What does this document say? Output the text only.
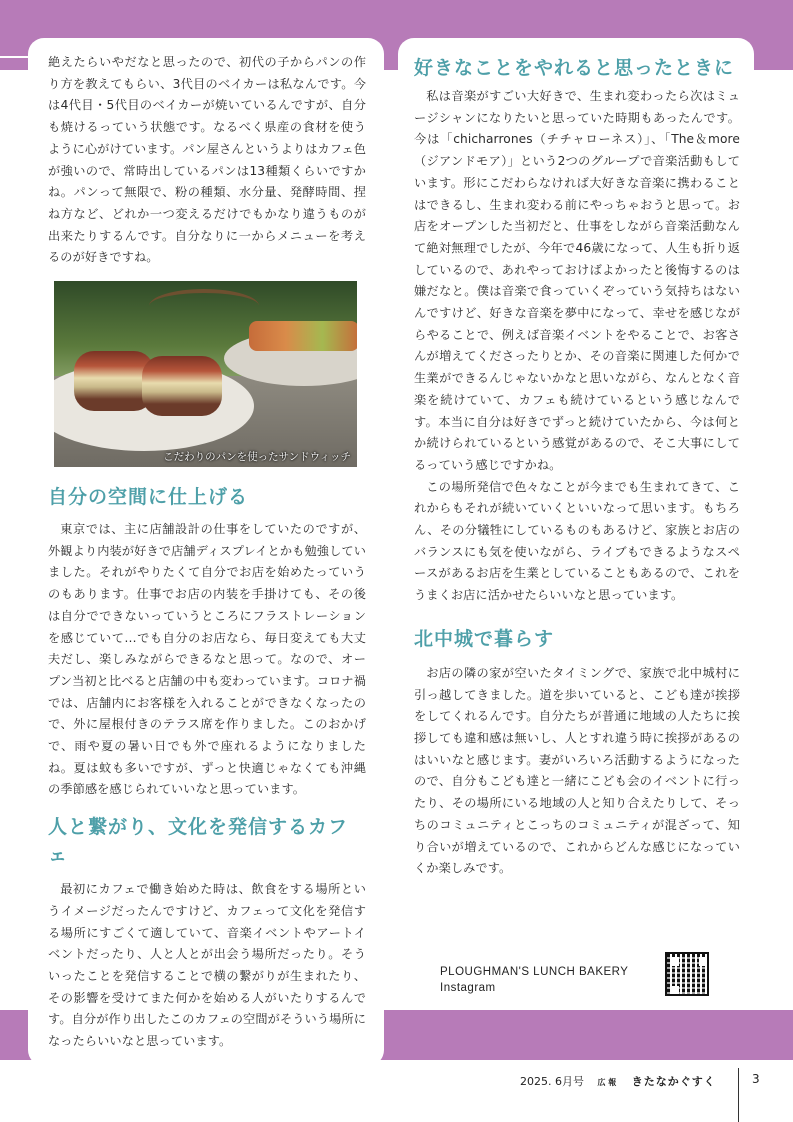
絶えたらいやだなと思ったので、初代の子からパンの作り方を教えてもらい、3代目のベイカーは私なんです。今は4代目・5代目のベイカーが焼いているんですが、自分も焼けるっていう状態です。なるべく県産の食材を使うように心がけています。パン屋さんというよりはカフェ色が強いので、常時出しているパンは13種類くらいですかね。パンって無限で、粉の種類、水分量、発酵時間、捏ね方など、どれか一つ変えるだけでもかなり違うものが出来たりするんです。自分なりに一からメニューを考えるのが好きですね。

こだわりのパンを使ったサンドウィッチ
自分の空間に仕上げる

東京では、主に店舗設計の仕事をしていたのですが、外観より内装が好きで店舗ディスプレイとかも勉強していました。それがやりたくて自分でお店を始めたっていうのもあります。仕事でお店の内装を手掛けても、その後は自分でできないっていうところにフラストレーションを感じていて…でも自分のお店なら、毎日変えても大丈夫だし、楽しみながらできるなと思って。なので、オープン当初と比べると店舗の中も変わっています。コロナ禍では、店舗内にお客様を入れることができなくなったので、外に屋根付きのテラス席を作りました。このおかげで、雨や夏の暑い日でも外で座れるようになりましたね。夏は蚊も多いですが、ずっと快適じゃなくても沖縄の季節感を感じられていいなと思っています。

人と繋がり、文化を発信するカフェ

最初にカフェで働き始めた時は、飲食をする場所というイメージだったんですけど、カフェって文化を発信する場所にすごくて適していて、音楽イベントやアートイベントだったり、人と人とが出会う場所だったり。そういったことを発信することで横の繋がりが生まれたり、その影響を受けてまた何かを始める人がいたりするんです。自分が作り出したこのカフェの空間がそういう場所になったらいいなと思っています。

好きなことをやれると思ったときに

私は音楽がすごい大好きで、生まれ変わったら次はミュージシャンになりたいと思っていた時期もあったんです。今は「chicharrones（チチャローネス）」、「The＆more（ジアンドモア）」という2つのグループで音楽活動もしています。形にこだわらなければ大好きな音楽に携わることはできるし、生まれ変わる前にやっちゃおうと思って。お店をオープンした当初だと、仕事をしながら音楽活動なんて絶対無理でしたが、今年で46歳になって、人生も折り返しているので、あれやっておけばよかったと後悔するのは嫌だなと。僕は音楽で食っていくぞっていう気持ちはないんですけど、好きな音楽を夢中になって、幸せを感じながらやることで、例えば音楽イベントをやることで、お客さんが増えてくださったりとか、その音楽に関連した何かで生業ができるんじゃないかなと思いながら、なんとなく音楽を続けていて、カフェも続けているという感じなんです。本当に自分は好きでずっと続けていたから、今は何とか続けられているという感覚があるので、そこ大事にしてるっていう感じですかね。

この場所発信で色々なことが今までも生まれてきて、これからもそれが続いていくといいなって思います。もちろん、その分犠牲にしているものもあるけど、家族とお店のバランスにも気を使いながら、ライブもできるようなスペースがあるお店を生業としていることもあるので、これをうまくお店に活かせたらいいなと思っています。

北中城で暮らす

お店の隣の家が空いたタイミングで、家族で北中城村に引っ越してきました。道を歩いていると、こども達が挨拶をしてくれるんです。自分たちが普通に地域の人たちに挨拶しても違和感は無いし、人とすれ違う時に挨拶があるのはいいなと感じます。妻がいろいろ活動するようになったので、自分もこども達と一緒にこども会のイベントに行ったり、その場所にいる地域の人と知り合えたりして、そっちのコミュニティとこっちのコミュニティが混ざって、知り合いが増えているので、これからどんな感じになっていくか楽しみです。

PLOUGHMAN'S LUNCH BAKERY
Instagram
2025. 6月号 広 報 きたなかぐすく	3
